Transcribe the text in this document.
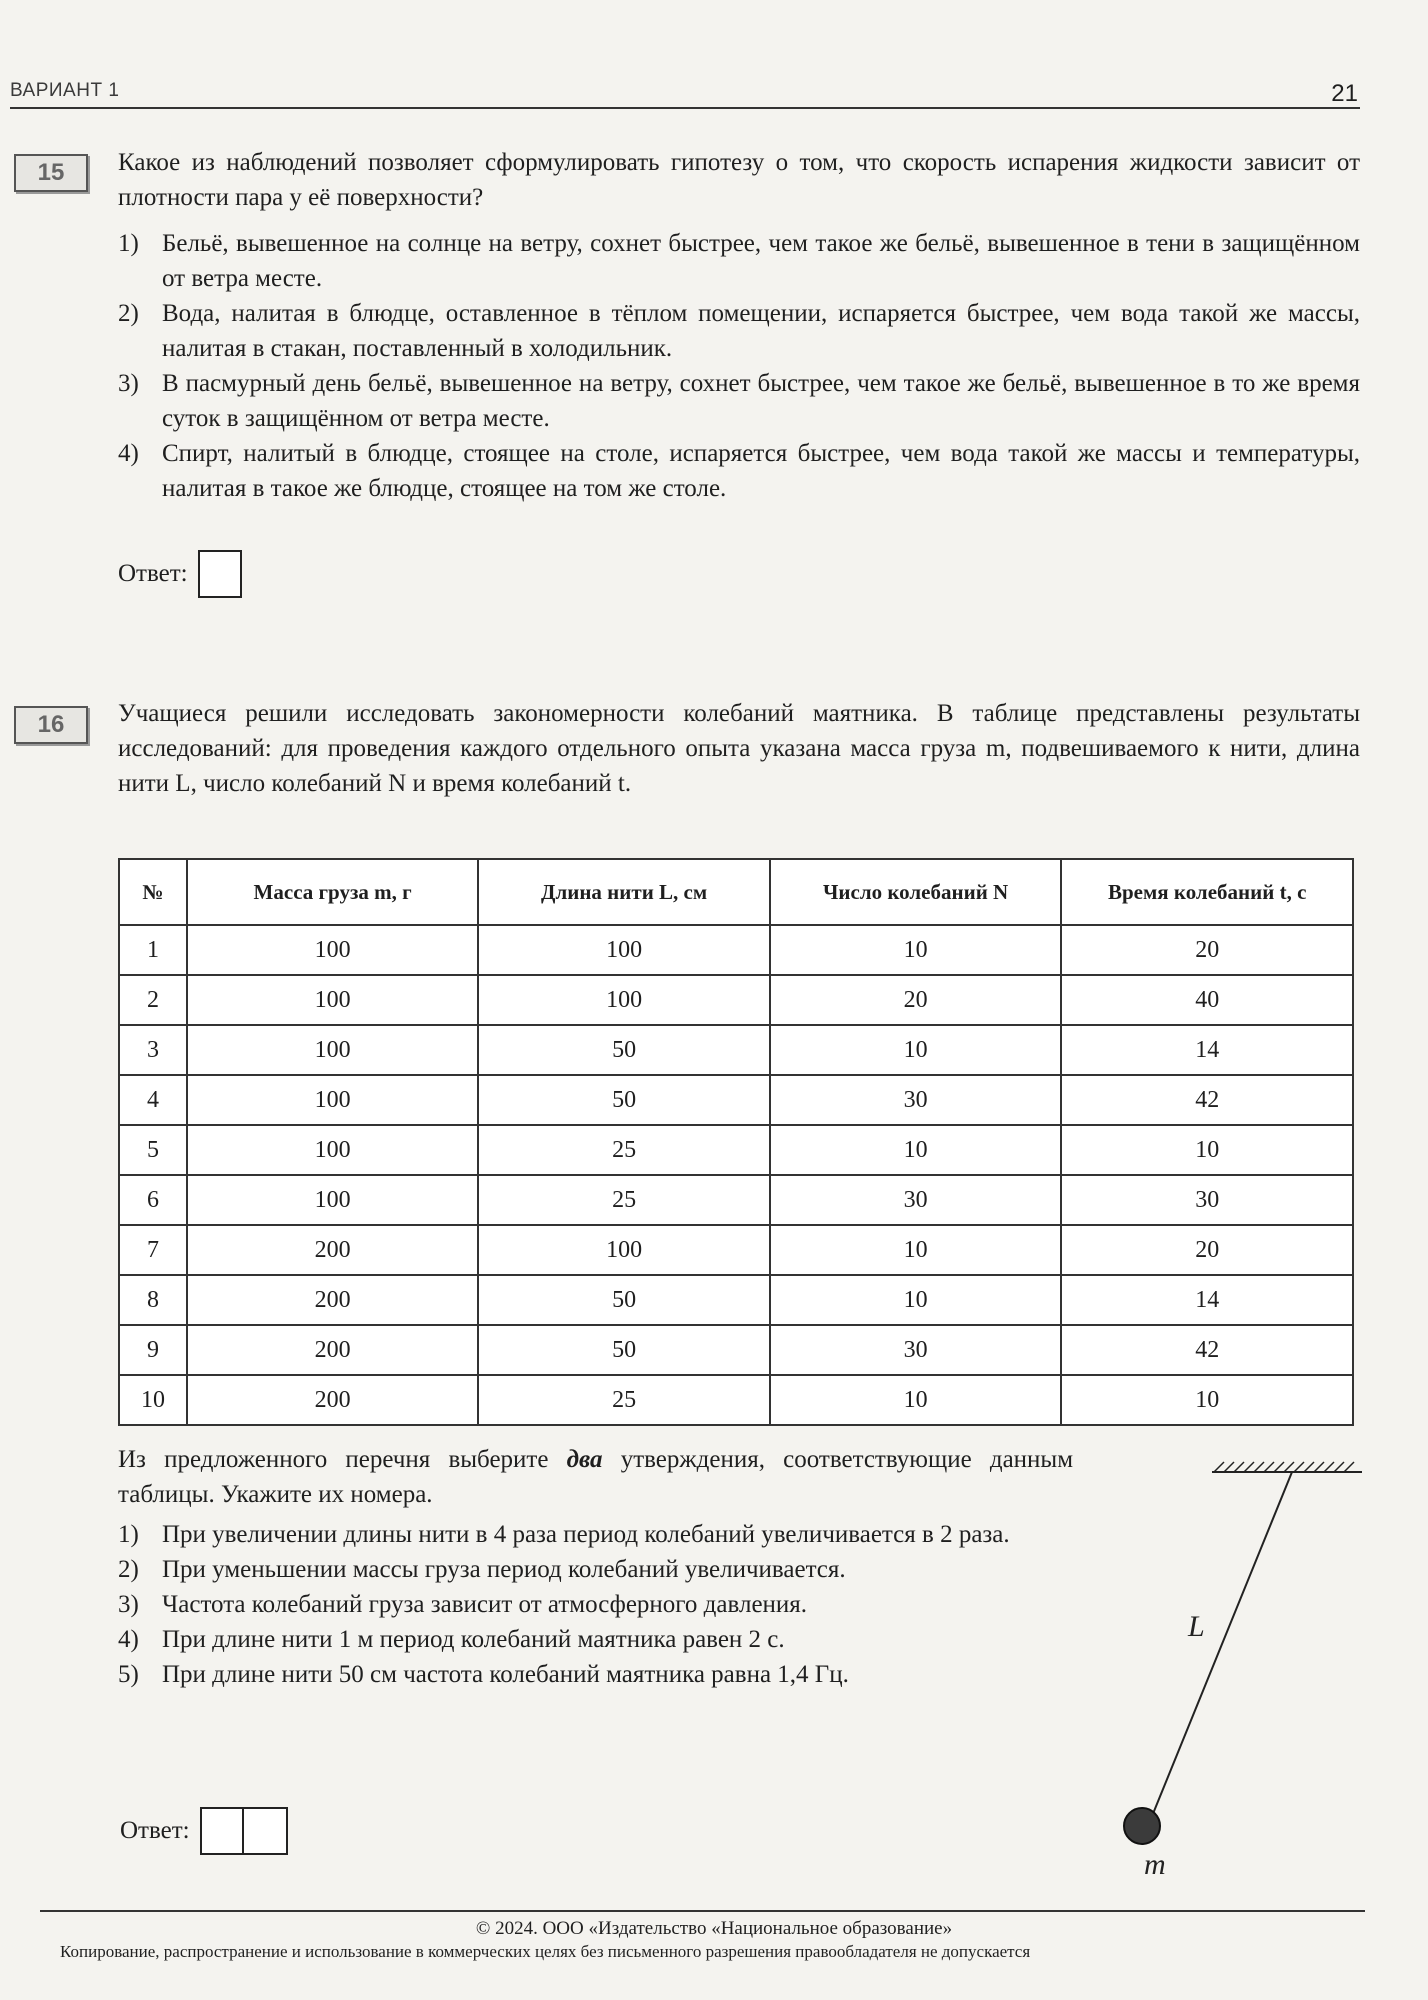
ВАРИАНТ 1	21
15	Какое из наблюдений позволяет сформулировать гипотезу о том, что скорость испарения жидкости зависит от плотности пара у её поверхности?
1) Бельё, вывешенное на солнце на ветру, сохнет быстрее, чем такое же бельё, вывешенное в тени в защищённом от ветра месте.
2) Вода, налитая в блюдце, оставленное в тёплом помещении, испаряется быстрее, чем вода такой же массы, налитая в стакан, поставленный в холодильник.
3) В пасмурный день бельё, вывешенное на ветру, сохнет быстрее, чем такое же бельё, вывешенное в то же время суток в защищённом от ветра месте.
4) Спирт, налитый в блюдце, стоящее на столе, испаряется быстрее, чем вода такой же массы и температуры, налитая в такое же блюдце, стоящее на том же столе.
Ответ:
16	Учащиеся решили исследовать закономерности колебаний маятника. В таблице представлены результаты исследований: для проведения каждого отдельного опыта указана масса груза m, подвешиваемого к нити, длина нити L, число колебаний N и время колебаний t.
№	Масса груза m, г	Длина нити L, см	Число колебаний N	Время колебаний t, с
1	100	100	10	20
2	100	100	20	40
3	100	50	10	14
4	100	50	30	42
5	100	25	10	10
6	100	25	30	30
7	200	100	10	20
8	200	50	10	14
9	200	50	30	42
10	200	25	10	10
Из предложенного перечня выберите два утверждения, соответствующие данным таблицы. Укажите их номера.
1) При увеличении длины нити в 4 раза период колебаний увеличивается в 2 раза.
2) При уменьшении массы груза период колебаний увеличивается.
3) Частота колебаний груза зависит от атмосферного давления.
4) При длине нити 1 м период колебаний маятника равен 2 с.
5) При длине нити 50 см частота колебаний маятника равна 1,4 Гц.
Ответ:
L
m
© 2024. ООО «Издательство «Национальное образование»
Копирование, распространение и использование в коммерческих целях без письменного разрешения правообладателя не допускается
